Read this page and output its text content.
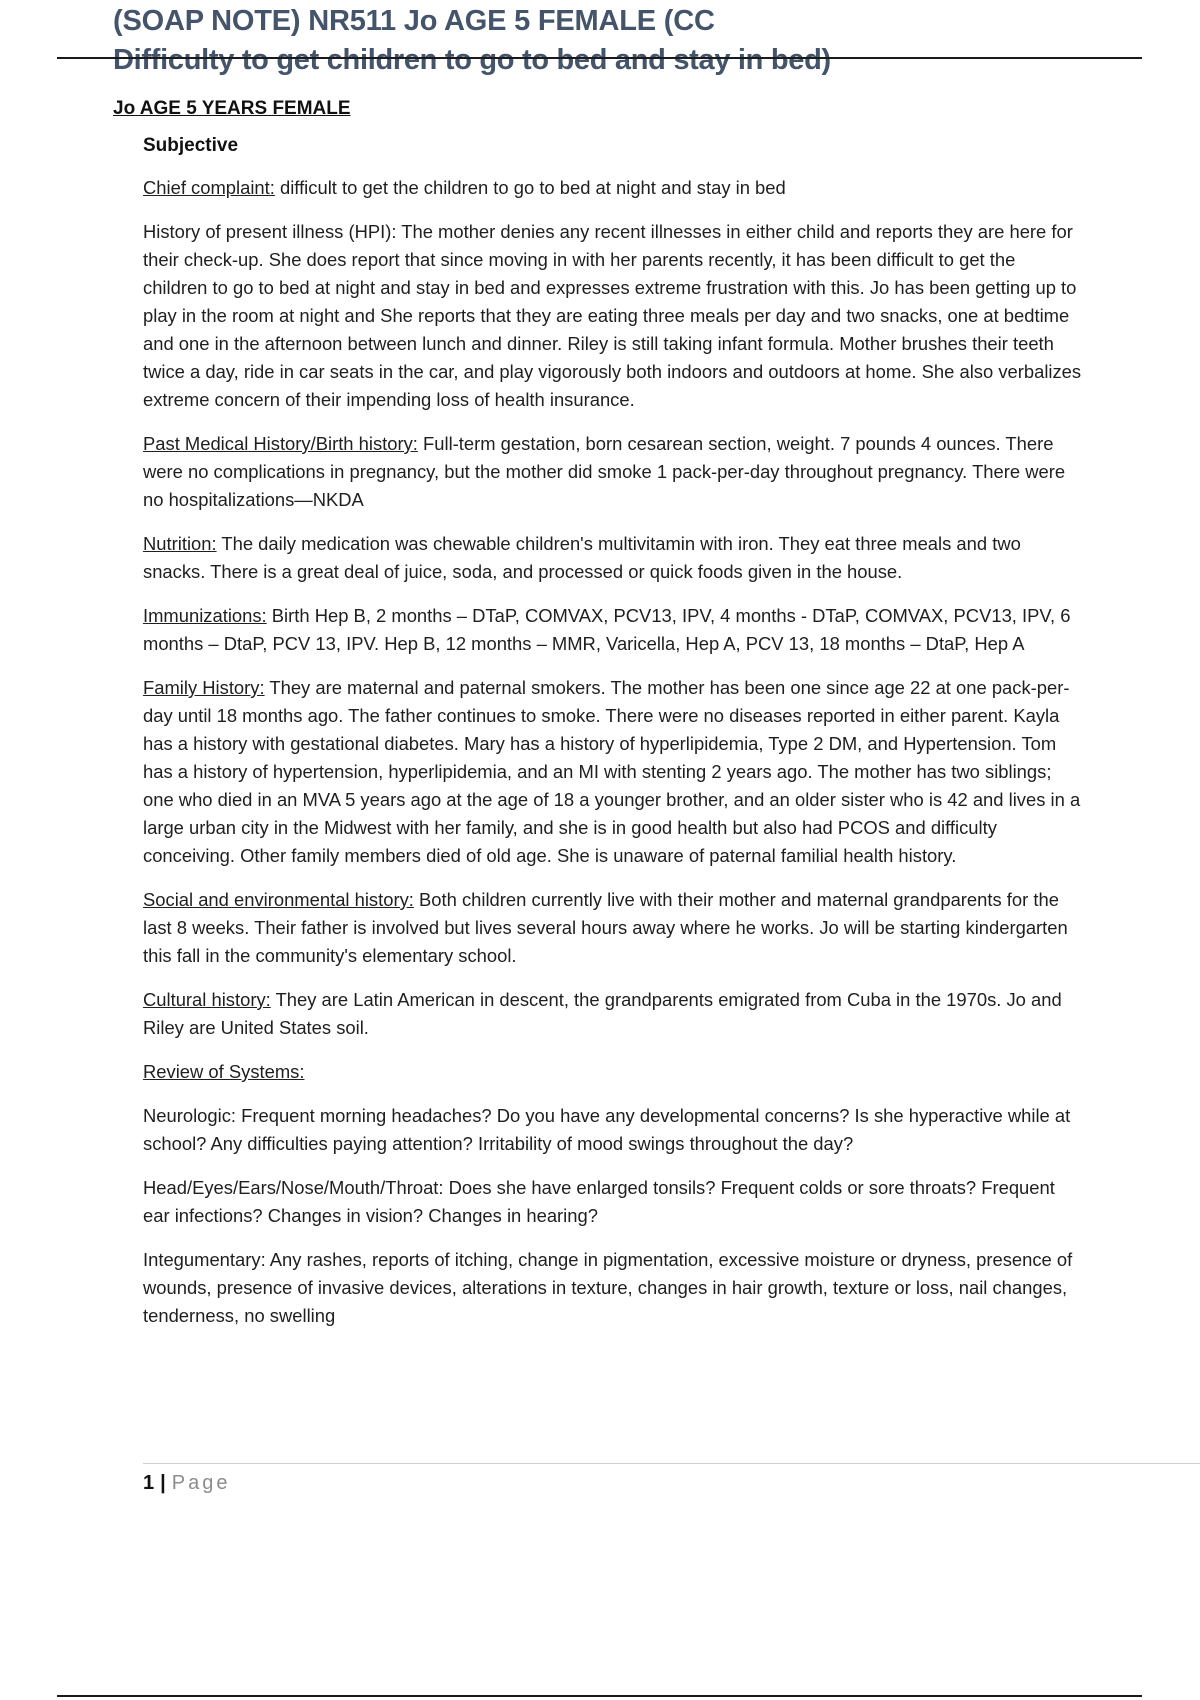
(SOAP NOTE) NR511 Jo AGE 5 FEMALE (CC
Difficulty to get children to go to bed and stay in bed)
Jo AGE 5 YEARS FEMALE
Subjective

Chief complaint: difficult to get the children to go to bed at night and stay in bed

History of present illness (HPI): The mother denies any recent illnesses in either child and reports they are here for their check-up. She does report that since moving in with her parents recently, it has been difficult to get the children to go to bed at night and stay in bed and expresses extreme frustration with this. Jo has been getting up to play in the room at night and She reports that they are eating three meals per day and two snacks, one at bedtime and one in the afternoon between lunch and dinner. Riley is still taking infant formula. Mother brushes their teeth twice a day, ride in car seats in the car, and play vigorously both indoors and outdoors at home. She also verbalizes extreme concern of their impending loss of health insurance.

Past Medical History/Birth history: Full-term gestation, born cesarean section, weight. 7 pounds 4 ounces. There were no complications in pregnancy, but the mother did smoke 1 pack-per-day throughout pregnancy. There were no hospitalizations—NKDA

Nutrition: The daily medication was chewable children's multivitamin with iron. They eat three meals and two snacks. There is a great deal of juice, soda, and processed or quick foods given in the house.

Immunizations: Birth Hep B, 2 months – DTaP, COMVAX, PCV13, IPV, 4 months - DTaP, COMVAX, PCV13, IPV, 6 months – DtaP, PCV 13, IPV. Hep B, 12 months – MMR, Varicella, Hep A, PCV 13, 18 months – DtaP, Hep A

Family History: They are maternal and paternal smokers. The mother has been one since age 22 at one pack-per-day until 18 months ago. The father continues to smoke. There were no diseases reported in either parent. Kayla has a history with gestational diabetes. Mary has a history of hyperlipidemia, Type 2 DM, and Hypertension. Tom has a history of hypertension, hyperlipidemia, and an MI with stenting 2 years ago. The mother has two siblings; one who died in an MVA 5 years ago at the age of 18 a younger brother, and an older sister who is 42 and lives in a large urban city in the Midwest with her family, and she is in good health but also had PCOS and difficulty conceiving. Other family members died of old age. She is unaware of paternal familial health history.

Social and environmental history: Both children currently live with their mother and maternal grandparents for the last 8 weeks. Their father is involved but lives several hours away where he works. Jo will be starting kindergarten this fall in the community's elementary school.

Cultural history: They are Latin American in descent, the grandparents emigrated from Cuba in the 1970s. Jo and Riley are United States soil.

Review of Systems:

Neurologic: Frequent morning headaches? Do you have any developmental concerns? Is she hyperactive while at school? Any difficulties paying attention? Irritability of mood swings throughout the day?

Head/Eyes/Ears/Nose/Mouth/Throat: Does she have enlarged tonsils? Frequent colds or sore throats? Frequent ear infections? Changes in vision? Changes in hearing?

Integumentary: Any rashes, reports of itching, change in pigmentation, excessive moisture or dryness, presence of wounds, presence of invasive devices, alterations in texture, changes in hair growth, texture or loss, nail changes, tenderness, no swelling

1 | Page
